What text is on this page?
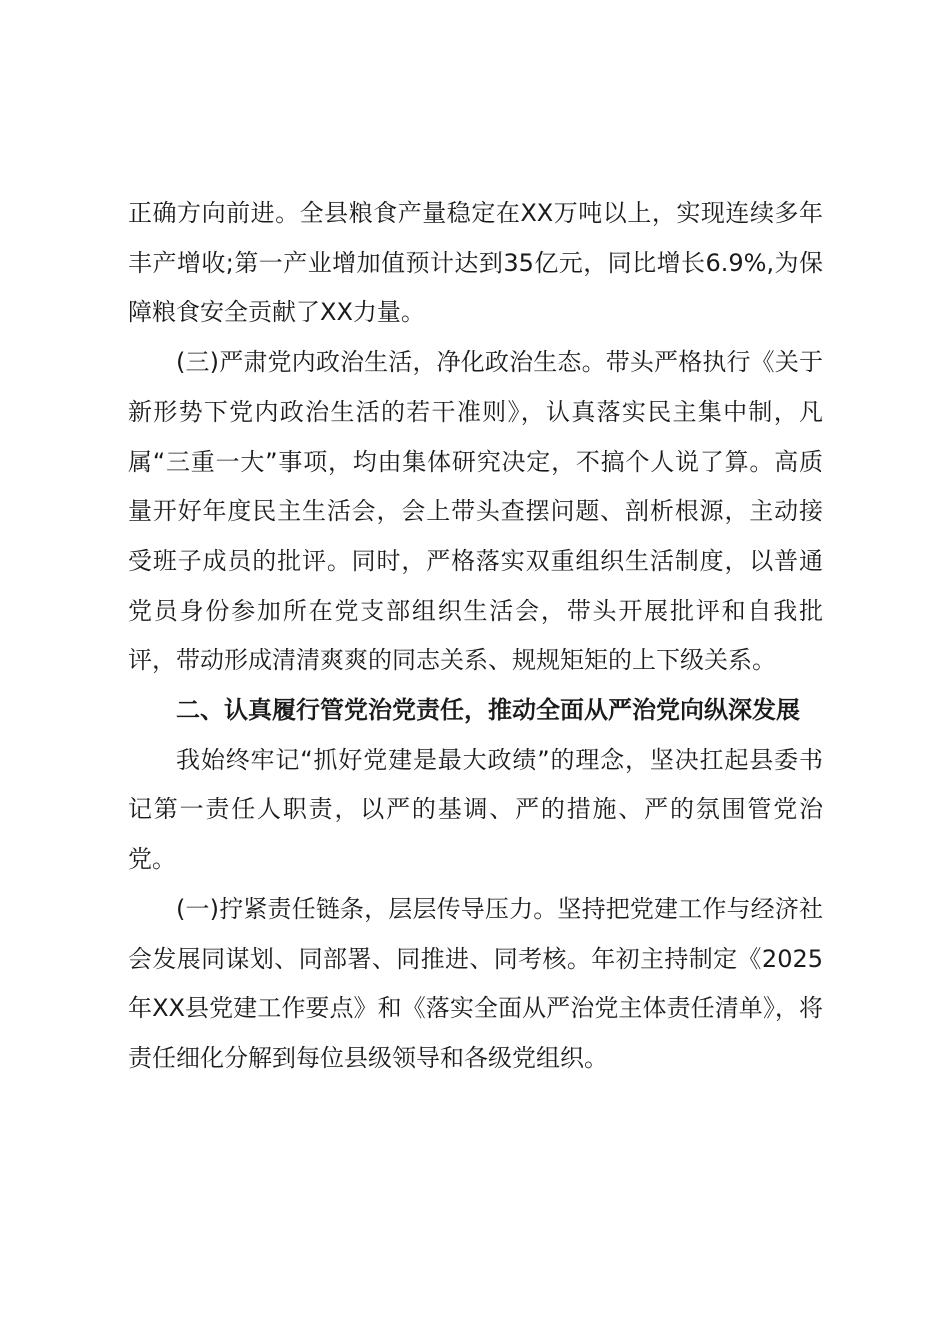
正确方向前进。全县粮食产量稳定在XX万吨以上，实现连续多年丰产增收;第一产业增加值预计达到35亿元，同比增长6.9%,为保障粮食安全贡献了XX力量。

(三)严肃党内政治生活，净化政治生态。带头严格执行《关于新形势下党内政治生活的若干准则》，认真落实民主集中制，凡属“三重一大”事项，均由集体研究决定，不搞个人说了算。高质量开好年度民主生活会，会上带头查摆问题、剖析根源，主动接受班子成员的批评。同时，严格落实双重组织生活制度，以普通党员身份参加所在党支部组织生活会，带头开展批评和自我批评，带动形成清清爽爽的同志关系、规规矩矩的上下级关系。

二、认真履行管党治党责任，推动全面从严治党向纵深发展

我始终牢记“抓好党建是最大政绩”的理念，坚决扛起县委书记第一责任人职责，以严的基调、严的措施、严的氛围管党治党。

(一)拧紧责任链条，层层传导压力。坚持把党建工作与经济社会发展同谋划、同部署、同推进、同考核。年初主持制定《2025年XX县党建工作要点》和《落实全面从严治党主体责任清单》，将责任细化分解到每位县级领导和各级党组织。
